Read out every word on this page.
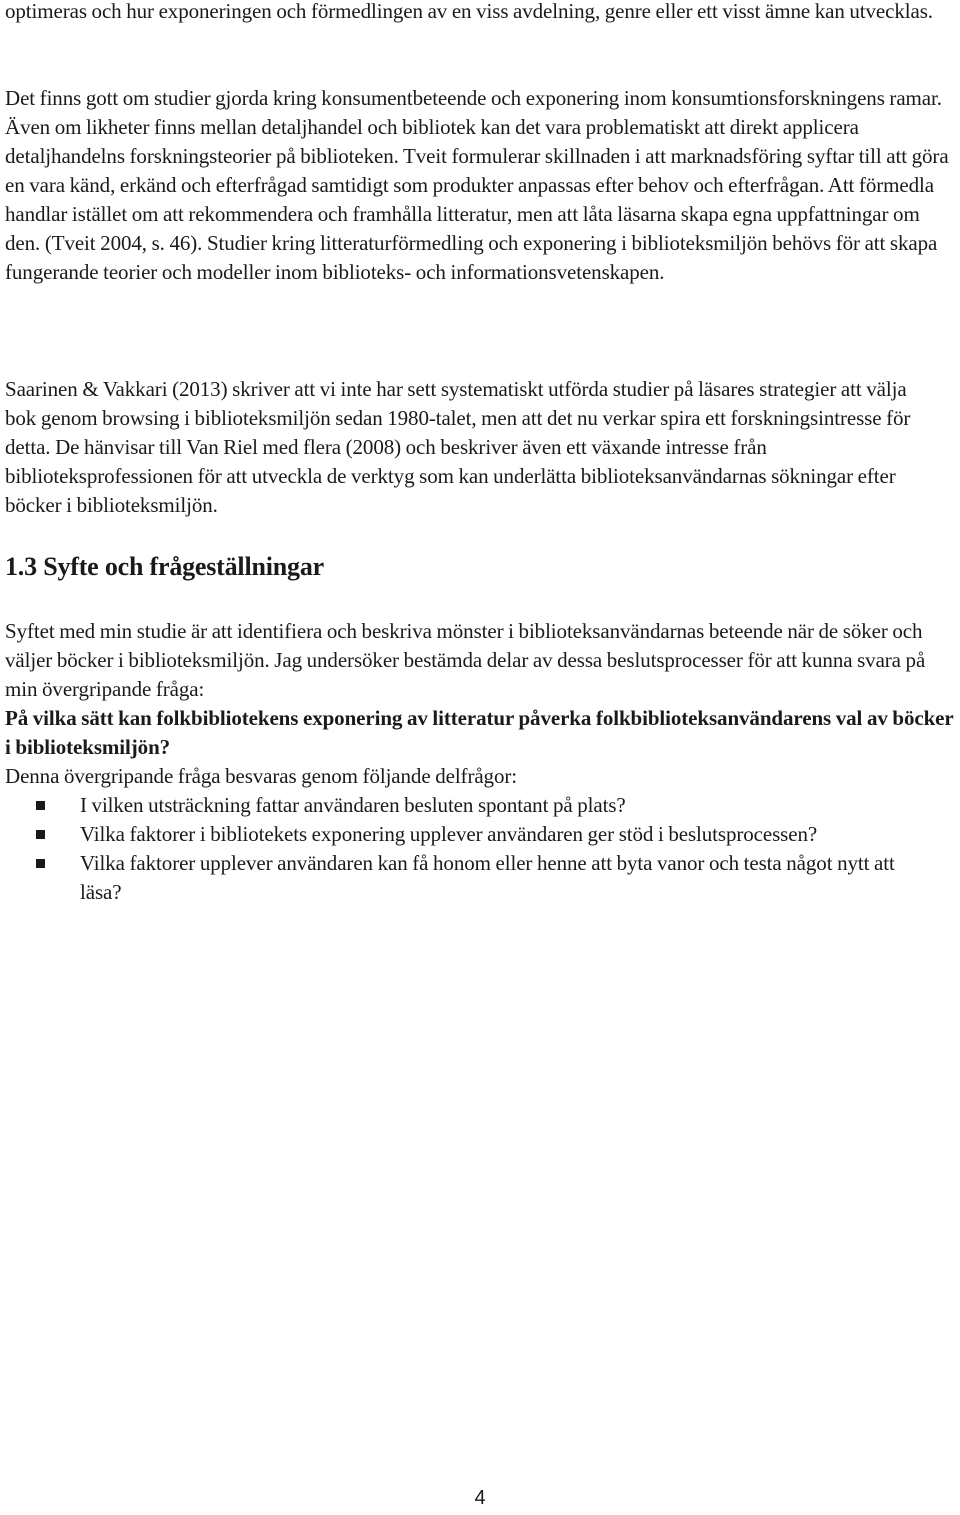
optimeras och hur exponeringen och förmedlingen av en viss avdelning, genre eller ett visst ämne kan utvecklas.

Det finns gott om studier gjorda kring konsumentbeteende och exponering inom konsumtionsforskningens ramar. Även om likheter finns mellan detaljhandel och bibliotek kan det vara problematiskt att direkt applicera detaljhandelns forskningsteorier på biblioteken. Tveit formulerar skillnaden i att marknadsföring syftar till att göra en vara känd, erkänd och efterfrågad samtidigt som produkter anpassas efter behov och efterfrågan. Att förmedla handlar istället om att rekommendera och framhålla litteratur, men att låta läsarna skapa egna uppfattningar om den. (Tveit 2004, s. 46). Studier kring litteraturförmedling och exponering i biblioteksmiljön behövs för att skapa fungerande teorier och modeller inom biblioteks- och informationsvetenskapen.

Saarinen & Vakkari (2013) skriver att vi inte har sett systematiskt utförda studier på läsares strategier att välja bok genom browsing i biblioteksmiljön sedan 1980-talet, men att det nu verkar spira ett forskningsintresse för detta. De hänvisar till Van Riel med flera (2008) och beskriver även ett växande intresse från biblioteksprofessionen för att utveckla de verktyg som kan underlätta biblioteksanvändarnas sökningar efter böcker i biblioteksmiljön.

1.3 Syfte och frågeställningar
Syftet med min studie är att identifiera och beskriva mönster i biblioteksanvändarnas beteende när de söker och väljer böcker i biblioteksmiljön. Jag undersöker bestämda delar av dessa beslutsprocesser för att kunna svara på min övergripande fråga:
På vilka sätt kan folkbibliotekens exponering av litteratur påverka folkbiblioteksanvändarens val av böcker i biblioteksmiljön?
Denna övergripande fråga besvaras genom följande delfrågor:
I vilken utsträckning fattar användaren besluten spontant på plats?
Vilka faktorer i bibliotekets exponering upplever användaren ger stöd i beslutsprocessen?
Vilka faktorer upplever användaren kan få honom eller henne att byta vanor och testa något nytt att läsa?
4
